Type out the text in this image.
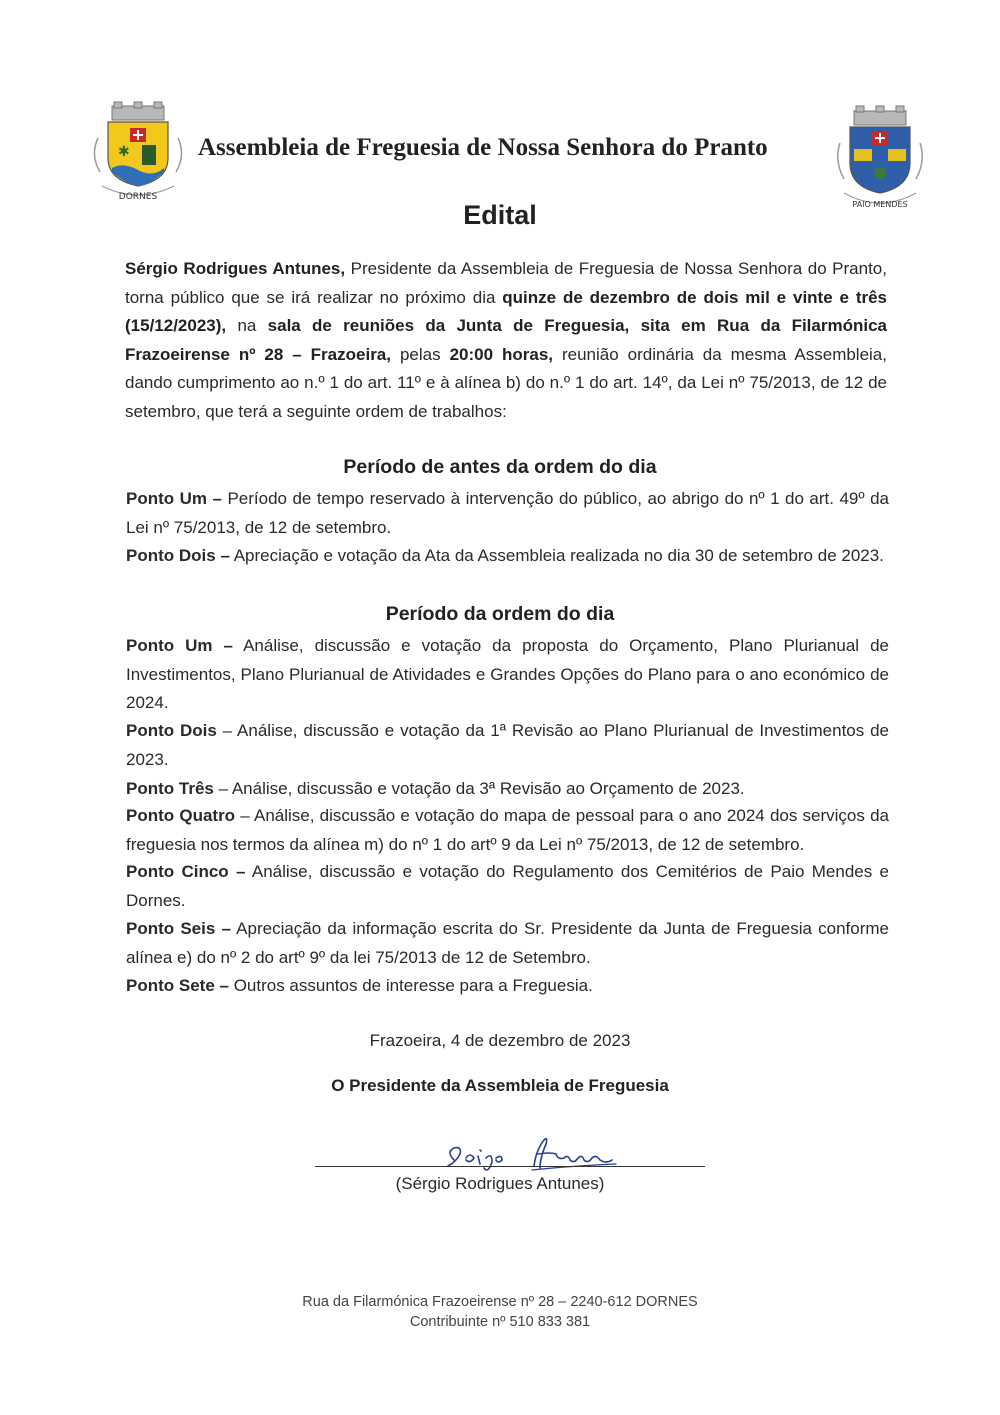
✱
DORNES
Assembleia de Freguesia de Nossa Senhora do Pranto
PAIO MENDES
Edital
Sérgio Rodrigues Antunes, Presidente da Assembleia de Freguesia de Nossa Senhora do Pranto, torna público que se irá realizar no próximo dia quinze de dezembro de dois mil e vinte e três (15/12/2023), na sala de reuniões da Junta de Freguesia, sita em Rua da Filarmónica Frazoeirense nº 28 – Frazoeira, pelas 20:00 horas, reunião ordinária da mesma Assembleia, dando cumprimento ao n.º 1 do art. 11º e à alínea b) do n.º 1 do art. 14º, da Lei nº 75/2013, de 12 de setembro, que terá a seguinte ordem de trabalhos:
Período de antes da ordem do dia
Ponto Um – Período de tempo reservado à intervenção do público, ao abrigo do nº 1 do art. 49º da Lei nº 75/2013, de 12 de setembro.
Ponto Dois – Apreciação e votação da Ata da Assembleia realizada no dia 30 de setembro de 2023.
Período da ordem do dia
Ponto Um – Análise, discussão e votação da proposta do Orçamento, Plano Plurianual de Investimentos, Plano Plurianual de Atividades e Grandes Opções do Plano para o ano económico de 2024.
Ponto Dois – Análise, discussão e votação da 1ª Revisão ao Plano Plurianual de Investimentos de 2023.
Ponto Três – Análise, discussão e votação da 3ª Revisão ao Orçamento de 2023.
Ponto Quatro – Análise, discussão e votação do mapa de pessoal para o ano 2024 dos serviços da freguesia nos termos da alínea m) do nº 1 do artº 9 da Lei nº 75/2013, de 12 de setembro.
Ponto Cinco – Análise, discussão e votação do Regulamento dos Cemitérios de Paio Mendes e Dornes.
Ponto Seis – Apreciação da informação escrita do Sr. Presidente da Junta de Freguesia conforme alínea e) do nº 2 do artº 9º da lei 75/2013 de 12 de Setembro.
Ponto Sete – Outros assuntos de interesse para a Freguesia.
Frazoeira, 4 de dezembro de 2023
O Presidente da Assembleia de Freguesia
(Sérgio Rodrigues Antunes)
Rua da Filarmónica Frazoeirense nº 28 – 2240-612 DORNES
Contribuinte nº 510 833 381
